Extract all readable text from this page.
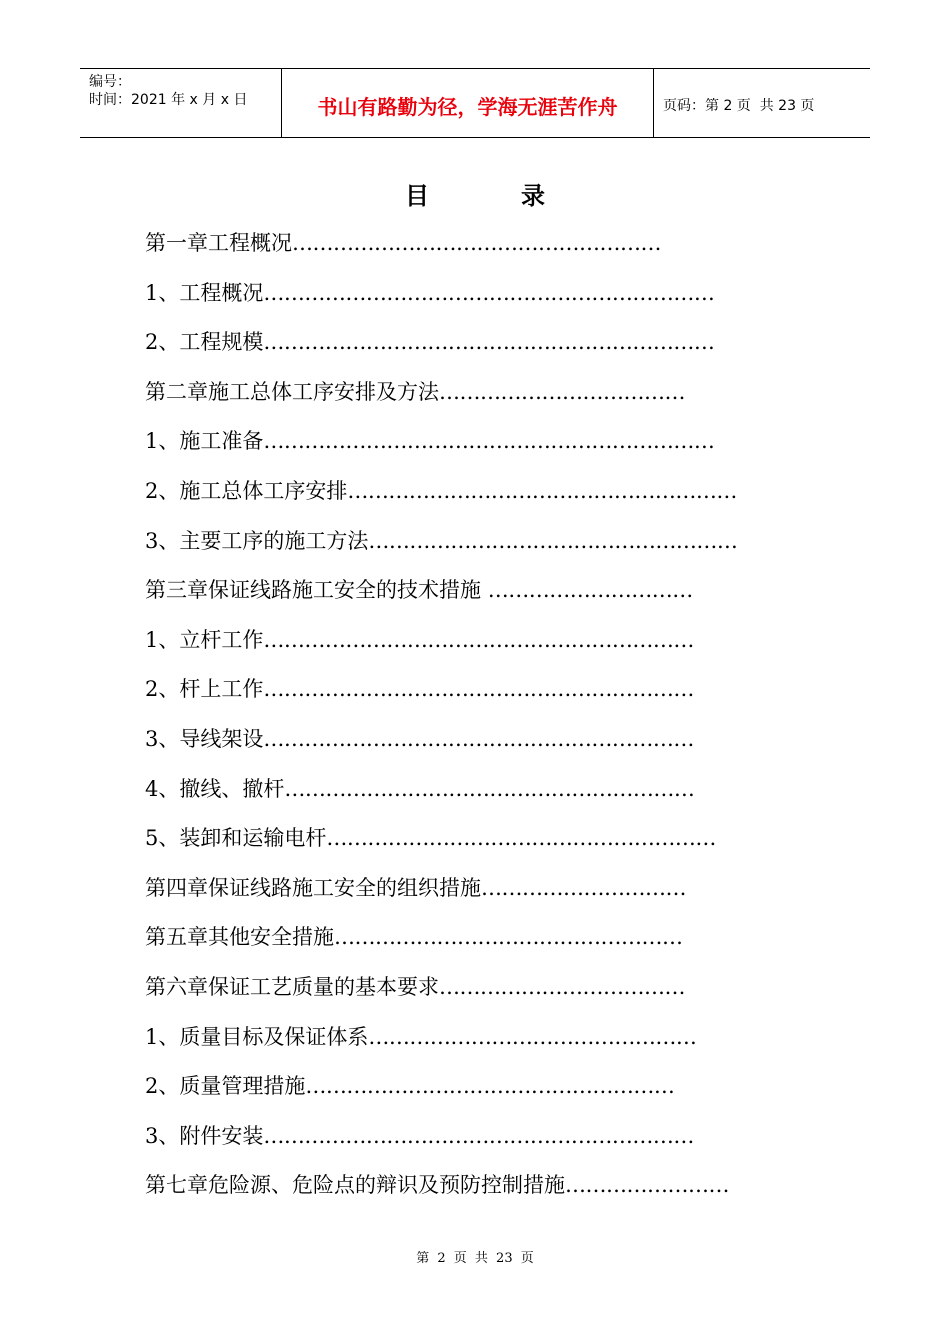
编号：
时间：2021 年 x 月 x 日	书山有路勤为径，学海无涯苦作舟	页码：第 2 页  共 23 页
目录
第一章工程概况………………………………………………
1、工程概况…………………………………………………………
2、工程规模…………………………………………………………
第二章施工总体工序安排及方法………………………………
1、施工准备…………………………………………………………
2、施工总体工序安排…………………………………………………
3、主要工序的施工方法………………………………………………
第三章保证线路施工安全的技术措施 …………………………
1、立杆工作………………………………………………………
2、杆上工作………………………………………………………
3、导线架设………………………………………………………
4、撤线、撤杆……………………………………………………
5、装卸和运输电杆…………………………………………………
第四章保证线路施工安全的组织措施…………………………
第五章其他安全措施……………………………………………
第六章保证工艺质量的基本要求………………………………
1、质量目标及保证体系…………………………………………
2、质量管理措施………………………………………………
3、附件安装………………………………………………………
第七章危险源、危险点的辩识及预防控制措施……………………
第 2 页 共 23 页
